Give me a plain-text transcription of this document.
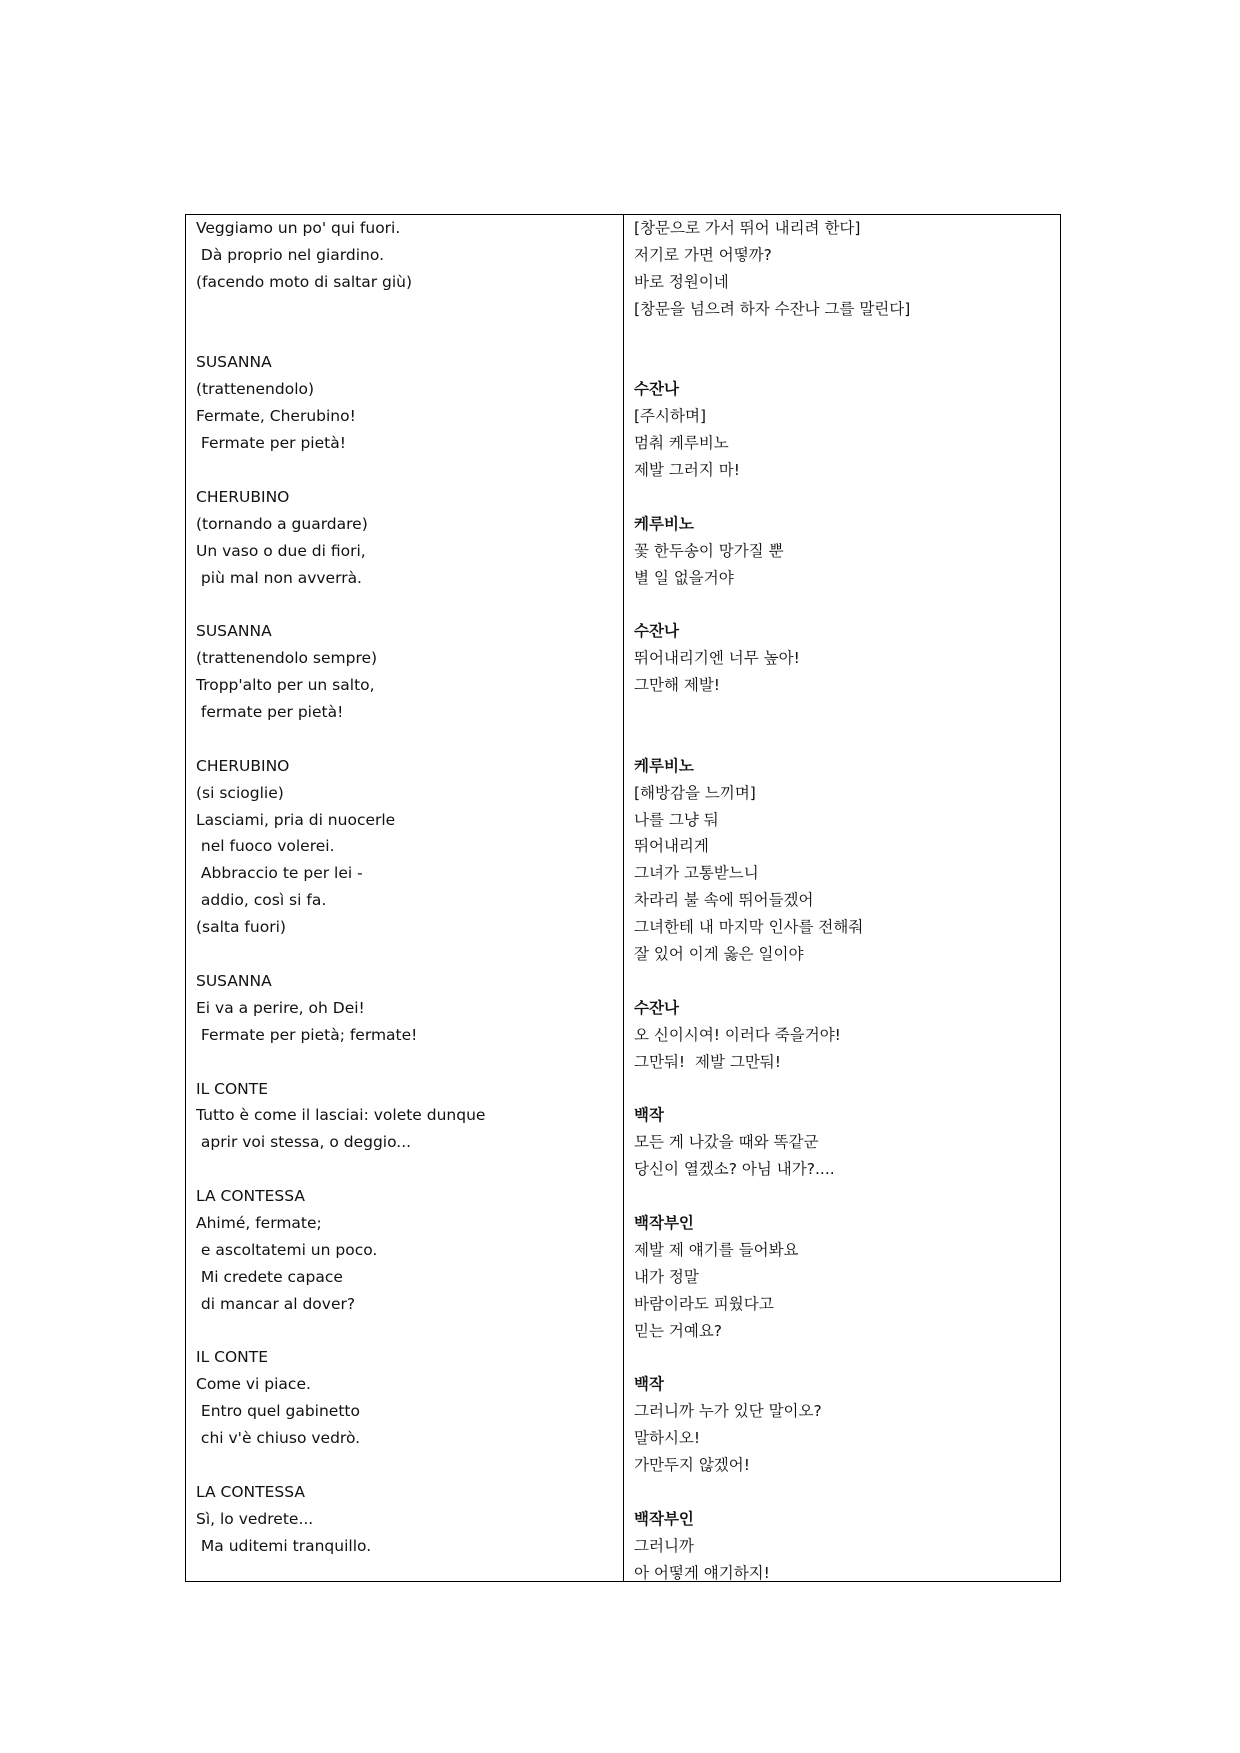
Veggiamo un po' qui fuori.
Dà proprio nel giardino.
(facendo moto di saltar giù)
SUSANNA
(trattenendolo)
Fermate, Cherubino!
Fermate per pietà!
CHERUBINO
(tornando a guardare)
Un vaso o due di fiori,
più mal non avverrà.
SUSANNA
(trattenendolo sempre)
Tropp'alto per un salto,
fermate per pietà!
CHERUBINO
(si scioglie)
Lasciami, pria di nuocerle
nel fuoco volerei.
Abbraccio te per lei -
addio, così si fa.
(salta fuori)
SUSANNA
Ei va a perire, oh Dei!
Fermate per pietà; fermate!
IL CONTE
Tutto è come il lasciai: volete dunque
aprir voi stessa, o deggio...
LA CONTESSA
Ahimé, fermate;
e ascoltatemi un poco.
Mi credete capace
di mancar al dover?
IL CONTE
Come vi piace.
Entro quel gabinetto
chi v'è chiuso vedrò.
LA CONTESSA
Sì, lo vedrete...
Ma uditemi tranquillo.
[창문으로 가서 뛰어 내리려 한다]
저기로 가면 어떻까?
바로 정원이네
[창문을 넘으려 하자 수잔나 그를 말린다]
수잔나
[주시하며]
멈춰 케루비노
제발 그러지 마!
케루비노
꽃 한두송이 망가질 뿐
별 일 없을거야
수잔나
뛰어내리기엔 너무 높아!
그만해 제발!
케루비노
[해방감을 느끼며]
나를 그냥 둬
뛰어내리게
그녀가 고통받느니
차라리 불 속에 뛰어들겠어
그녀한테 내 마지막 인사를 전해줘
잘 있어 이게 옳은 일이야
수잔나
오 신이시여! 이러다 죽을거야!
그만둬!  제발 그만둬!
백작
모든 게 나갔을 때와 똑같군
당신이 열겠소? 아님 내가?....
백작부인
제발 제 얘기를 들어봐요
내가 정말
바람이라도 피웠다고
믿는 거예요?
백작
그러니까 누가 있단 말이오?
말하시오!
가만두지 않겠어!
백작부인
그러니까
아 어떻게 얘기하지!
